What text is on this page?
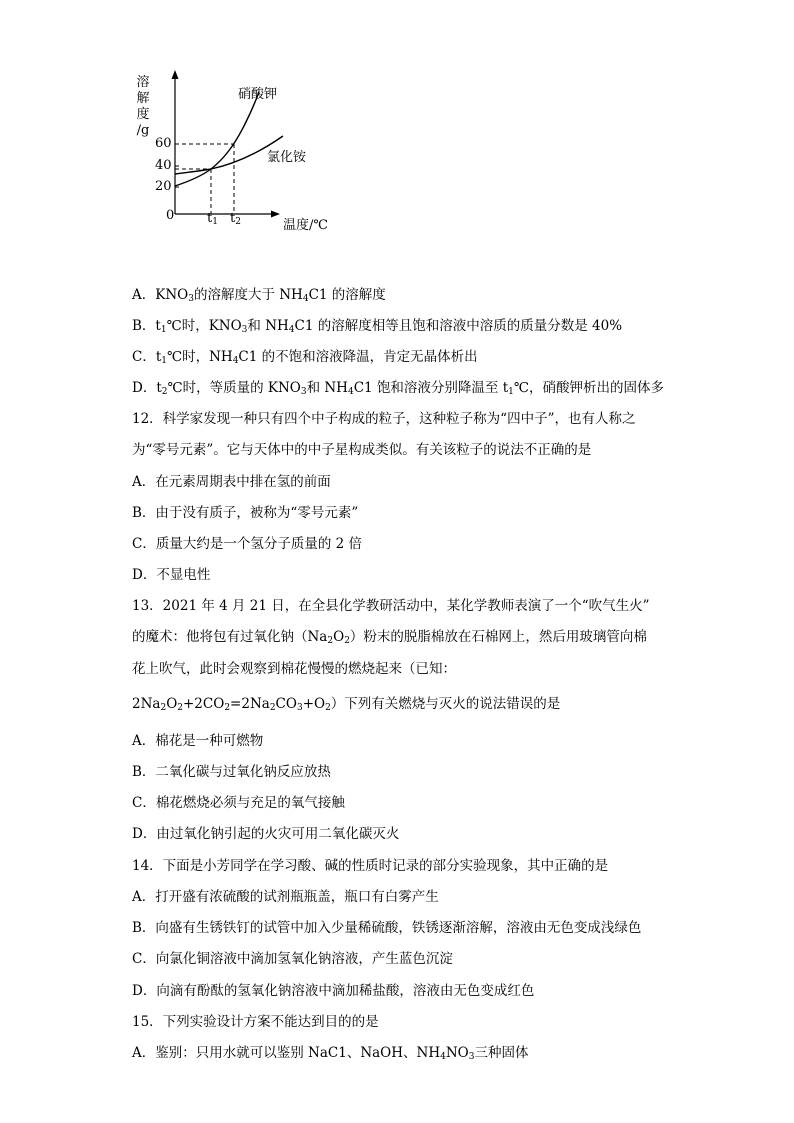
溶
解
度
/g
60
40
20
0	$t_1$ $t_2$	温度/℃
硝酸钾
氯化铵
A．$KNO_3$的溶解度大于 $NH_4C1$ 的溶解度
B．$t_1℃$时，$KNO_3$和 $NH_4C1$ 的溶解度相等且饱和溶液中溶质的质量分数是 40%
C．$t_1℃$时，$NH_4C1$ 的不饱和溶液降温，肯定无晶体析出
D．$t_2℃$时，等质量的 $KNO_3$和 $NH_4C1$ 饱和溶液分别降温至 $t_1℃$，硝酸钾析出的固体多
12．科学家发现一种只有四个中子构成的粒子，这种粒子称为“四中子”，也有人称之
为“零号元素”。它与天体中的中子星构成类似。有关该粒子的说法不正确的是
A．在元素周期表中排在氢的前面
B．由于没有质子，被称为“零号元素”
C．质量大约是一个氢分子质量的 2 倍
D．不显电性
13．2021 年 4 月 21 日，在全县化学教研活动中，某化学教师表演了一个“吹气生火”
的魔术：他将包有过氧化钠$(Na_2O_2)$粉末的脱脂棉放在石棉网上，然后用玻璃管向棉
花上吹气，此时会观察到棉花慢慢的燃烧起来（已知：
$2Na_2O_2+2CO_2=2Na_2CO_3+O_2$）下列有关燃烧与灭火的说法错误的是
A．棉花是一种可燃物
B．二氧化碳与过氧化钠反应放热
C．棉花燃烧必须与充足的氧气接触
D．由过氧化钠引起的火灾可用二氧化碳灭火
14．下面是小芳同学在学习酸、碱的性质时记录的部分实验现象，其中正确的是
A．打开盛有浓硫酸的试剂瓶瓶盖，瓶口有白雾产生
B．向盛有生锈铁钉的试管中加入少量稀硫酸，铁锈逐渐溶解，溶液由无色变成浅绿色
C．向氯化铜溶液中滴加氢氧化钠溶液，产生蓝色沉淀
D．向滴有酚酞的氢氧化钠溶液中滴加稀盐酸，溶液由无色变成红色
15．下列实验设计方案不能达到目的的是
A．鉴别：只用水就可以鉴别 NaC1、NaOH、$NH_4NO_3$三种固体
